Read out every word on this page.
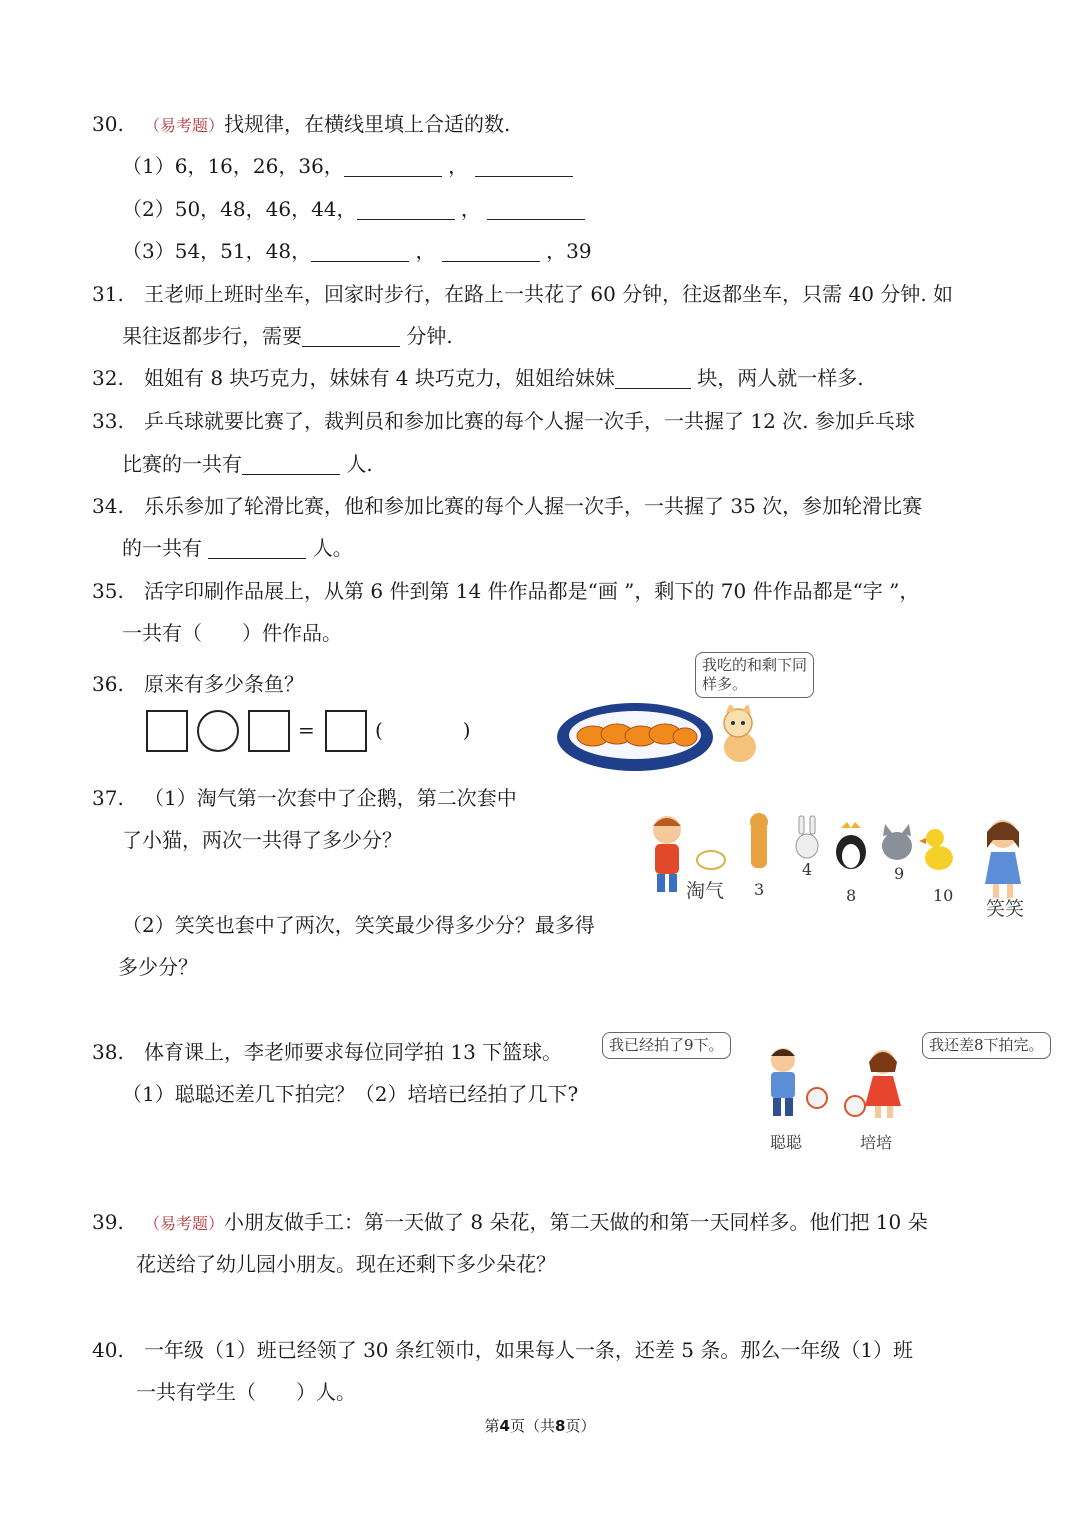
30. （易考题）找规律，在横线里填上合适的数.
（1）6，16，26，36，	，
（2）50，48，46，44，	，
（3）54，51，48，	，	，39
31. 王老师上班时坐车，回家时步行，在路上一共花了 60 分钟，往返都坐车，只需 40 分钟. 如
果往返都步行，需要	分钟.
32. 姐姐有 8 块巧克力，妹妹有 4 块巧克力，姐姐给妹妹	块，两人就一样多.
33. 乒乓球就要比赛了，裁判员和参加比赛的每个人握一次手，一共握了 12 次. 参加乒乓球
比赛的一共有	人.
34. 乐乐参加了轮滑比赛，他和参加比赛的每个人握一次手，一共握了 35 次，参加轮滑比赛
的一共有	人。
35. 活字印刷作品展上，从第 6 件到第 14 件作品都是“画 ”，剩下的 70 件作品都是“字 ”，
一共有（　　）件作品。
36. 原来有多少条鱼？
=	(　　　　)
我吃的和剩下同
样多。
37. （1）淘气第一次套中了企鹅，第二次套中
了小猫，两次一共得了多少分？
（2）笑笑也套中了两次，笑笑最少得多少分？最多得
多少分？
淘气 3
4
8
9
10
笑笑
38. 体育课上，李老师要求每位同学拍 13 下篮球。
（1）聪聪还差几下拍完？（2）培培已经拍了几下?
我已经拍了9下。	我还差8下拍完。
聪聪	培培
39. （易考题）小朋友做手工：第一天做了 8 朵花，第二天做的和第一天同样多。他们把 10 朵
花送给了幼儿园小朋友。现在还剩下多少朵花？
40. 一年级（1）班已经领了 30 条红领巾，如果每人一条，还差 5 条。那么一年级（1）班
一共有学生（　　）人。
第4页（共8页）
